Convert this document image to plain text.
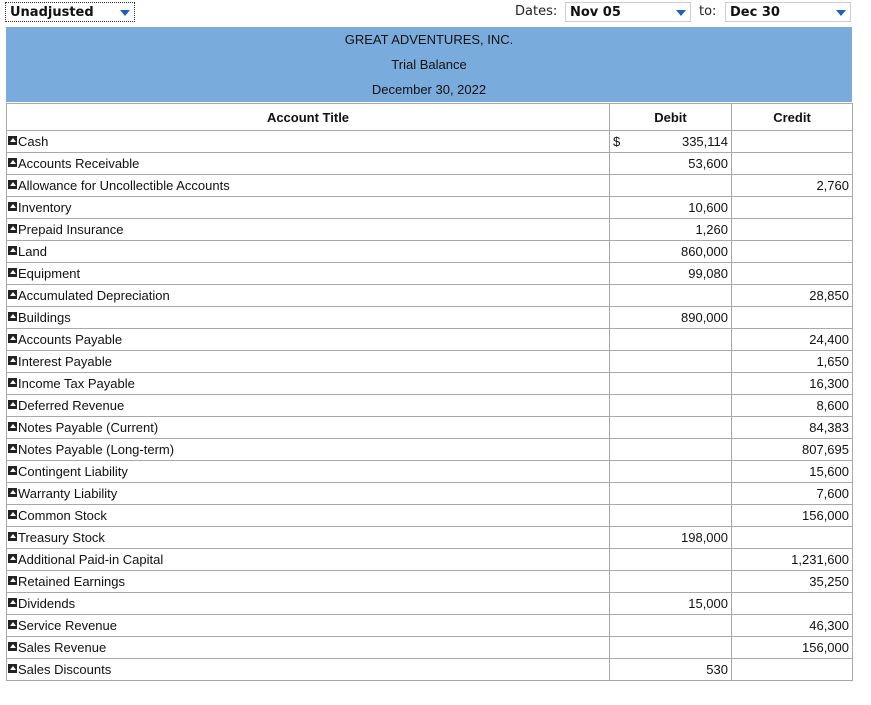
Unadjusted	Dates: Nov 05	to: Dec 30
GREAT ADVENTURES, INC.
Trial Balance
December 30, 2022
Account Title	Debit	Credit
Cash	$ 335,114	
Accounts Receivable	53,600	
Allowance for Uncollectible Accounts		2,760
Inventory	10,600	
Prepaid Insurance	1,260	
Land	860,000	
Equipment	99,080	
Accumulated Depreciation		28,850
Buildings	890,000	
Accounts Payable		24,400
Interest Payable		1,650
Income Tax Payable		16,300
Deferred Revenue		8,600
Notes Payable (Current)		84,383
Notes Payable (Long-term)		807,695
Contingent Liability		15,600
Warranty Liability		7,600
Common Stock		156,000
Treasury Stock	198,000	
Additional Paid-in Capital		1,231,600
Retained Earnings		35,250
Dividends	15,000	
Service Revenue		46,300
Sales Revenue		156,000
Sales Discounts	530	
